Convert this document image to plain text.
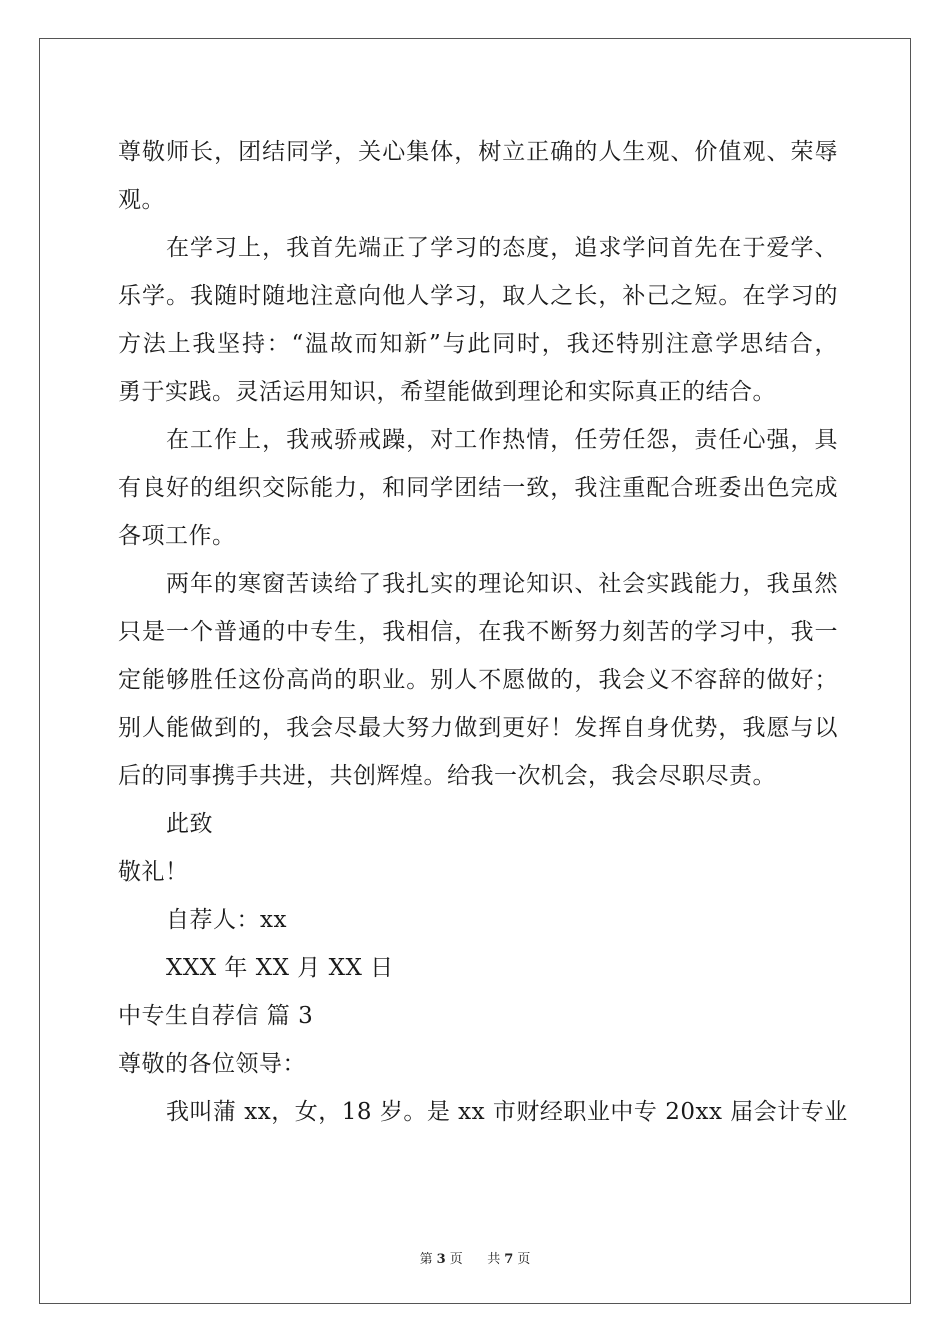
尊敬师长，团结同学，关心集体，树立正确的人生观、价值观、荣辱
观。
在学习上，我首先端正了学习的态度，追求学问首先在于爱学、
乐学。我随时随地注意向他人学习，取人之长，补己之短。在学习的
方法上我坚持：“温故而知新”与此同时，我还特别注意学思结合，
勇于实践。灵活运用知识，希望能做到理论和实际真正的结合。
在工作上，我戒骄戒躁，对工作热情，任劳任怨，责任心强，具
有良好的组织交际能力，和同学团结一致，我注重配合班委出色完成
各项工作。
两年的寒窗苦读给了我扎实的理论知识、社会实践能力，我虽然
只是一个普通的中专生，我相信，在我不断努力刻苦的学习中，我一
定能够胜任这份高尚的职业。别人不愿做的，我会义不容辞的做好；
别人能做到的，我会尽最大努力做到更好！发挥自身优势，我愿与以
后的同事携手共进，共创辉煌。给我一次机会，我会尽职尽责。
此致
敬礼！
自荐人：xx
XXX 年 XX 月 XX 日
中专生自荐信 篇 3
尊敬的各位领导：
我叫蒲 xx，女，18 岁。是 xx 市财经职业中专 20xx 届会计专业
第 3 页 共 7 页
